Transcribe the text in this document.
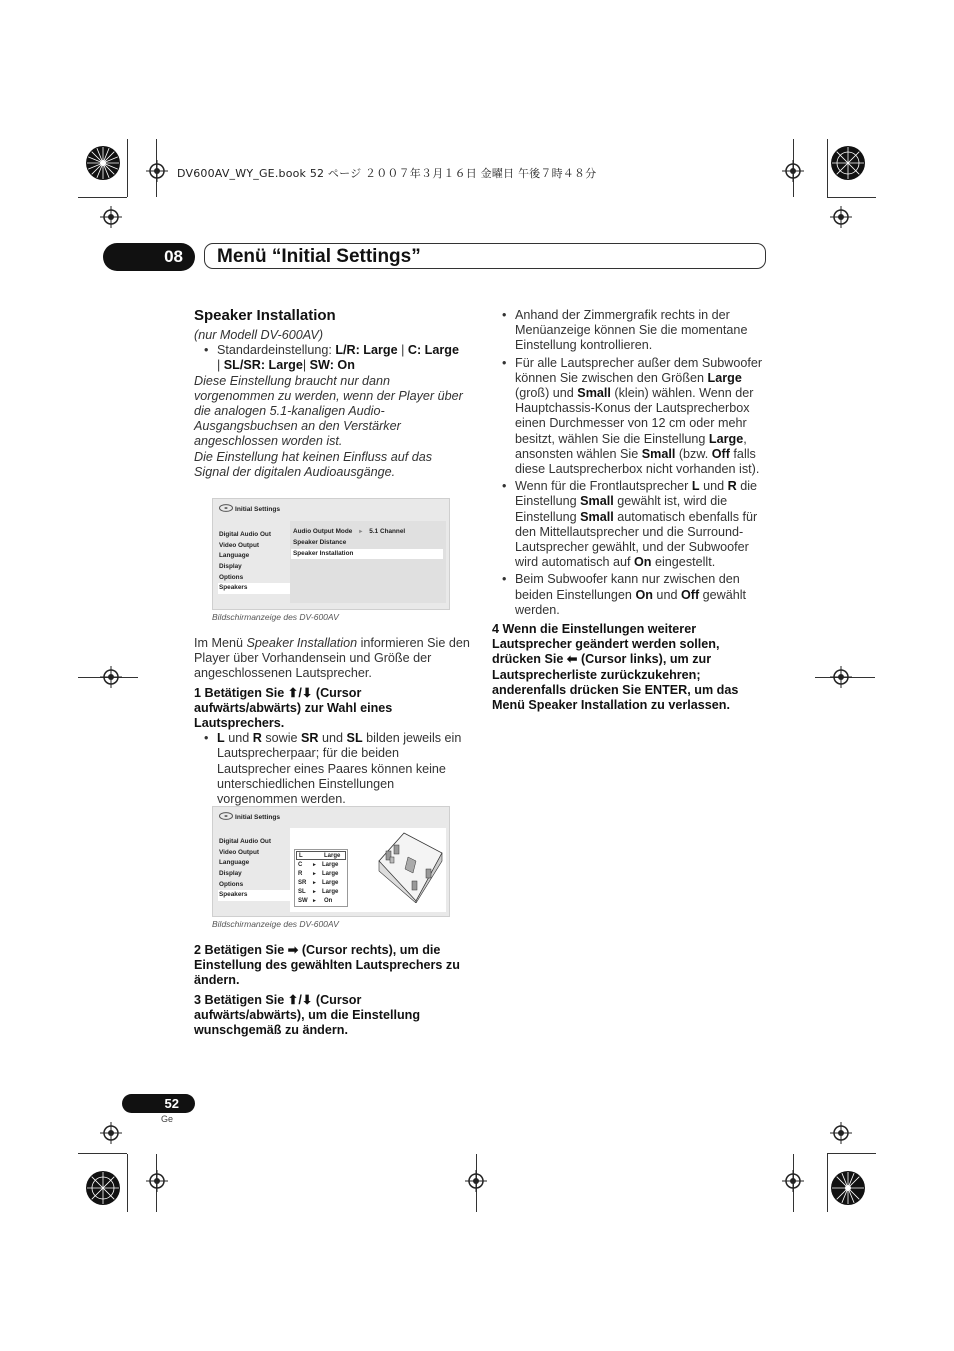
DV600AV_WY_GE.book 52 ページ ２００７年３月１６日 金曜日 午後７時４８分
08	Menü “Initial Settings”
Speaker Installation

(nur Modell DV-600AV)

• Standardeinstellung: L/R: Large | C: Large
| SL/SR: Large| SW: On

Diese Einstellung braucht nur dann vorgenommen zu werden, wenn der Player über die analogen 5.1-kanaligen Audio-Ausgangsbuchsen an den Verstärker angeschlossen worden ist.

Die Einstellung hat keinen Einfluss auf das Signal der digitalen Audioausgänge.

Initial Settings
Digital Audio Out
Video Output
Language
Display
Options
Speakers
Audio Output Mode ► 5.1 Channel
Speaker Distance
Speaker Installation
Bildschirmanzeige des DV-600AV

Im Menü Speaker Installation informieren Sie den Player über Vorhandensein und Größe der angeschlossenen Lautsprecher.

1 Betätigen Sie ⬆/⬇ (Cursor aufwärts/abwärts) zur Wahl eines Lautsprechers.

• L und R sowie SR und SL bilden jeweils ein Lautsprecherpaar; für die beiden Lautsprecher eines Paares können keine unterschiedlichen Einstellungen vorgenommen werden.

Initial Settings
Digital Audio Out
Video Output
Language
Display
Options
Speakers
L	Large
C ► Large
R ► Large
SR ► Large
SL ► Large
SW ► On
Bildschirmanzeige des DV-600AV

2 Betätigen Sie ➡ (Cursor rechts), um die Einstellung des gewählten Lautsprechers zu ändern.

3 Betätigen Sie ⬆/⬇ (Cursor aufwärts/abwärts), um die Einstellung wunschgemäß zu ändern.

• Anhand der Zimmergrafik rechts in der Menüanzeige können Sie die momentane Einstellung kontrollieren.

• Für alle Lautsprecher außer dem Subwoofer können Sie zwischen den Größen Large (groß) und Small (klein) wählen. Wenn der Hauptchassis-Konus der Lautsprecherbox einen Durchmesser von 12 cm oder mehr besitzt, wählen Sie die Einstellung Large, ansonsten wählen Sie Small (bzw. Off falls diese Lautsprecherbox nicht vorhanden ist).

• Wenn für die Frontlautsprecher L und R die Einstellung Small gewählt ist, wird die Einstellung Small automatisch ebenfalls für den Mittellautsprecher und die Surround-Lautsprecher gewählt, und der Subwoofer wird automatisch auf On eingestellt.

• Beim Subwoofer kann nur zwischen den beiden Einstellungen On und Off gewählt werden.

4 Wenn die Einstellungen weiterer Lautsprecher geändert werden sollen, drücken Sie ⬅ (Cursor links), um zur Lautsprecherliste zurückzukehren; anderenfalls drücken Sie ENTER, um das Menü Speaker Installation zu verlassen.

52
Ge
